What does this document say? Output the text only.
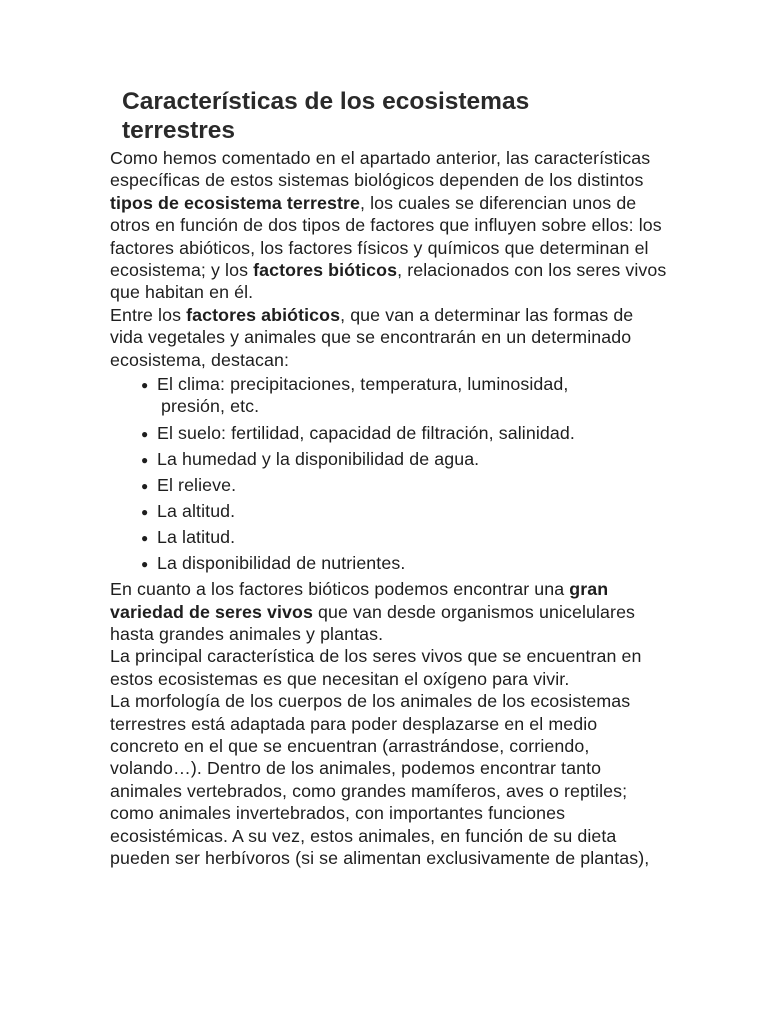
Características de los ecosistemas terrestres

Como hemos comentado en el apartado anterior, las características específicas de estos sistemas biológicos dependen de los distintos tipos de ecosistema terrestre, los cuales se diferencian unos de otros en función de dos tipos de factores que influyen sobre ellos: los factores abióticos, los factores físicos y químicos que determinan el ecosistema; y los factores bióticos, relacionados con los seres vivos que habitan en él.

Entre los factores abióticos, que van a determinar las formas de vida vegetales y animales que se encontrarán en un determinado ecosistema, destacan:

● El clima: precipitaciones, temperatura, luminosidad,
presión, etc.
● El suelo: fertilidad, capacidad de filtración, salinidad.
● La humedad y la disponibilidad de agua.
● El relieve.
● La altitud.
● La latitud.
● La disponibilidad de nutrientes.

En cuanto a los factores bióticos podemos encontrar una gran variedad de seres vivos que van desde organismos unicelulares hasta grandes animales y plantas.

La principal característica de los seres vivos que se encuentran en estos ecosistemas es que necesitan el oxígeno para vivir.

La morfología de los cuerpos de los animales de los ecosistemas terrestres está adaptada para poder desplazarse en el medio concreto en el que se encuentran (arrastrándose, corriendo, volando…). Dentro de los animales, podemos encontrar tanto animales vertebrados, como grandes mamíferos, aves o reptiles; como animales invertebrados, con importantes funciones ecosistémicas. A su vez, estos animales, en función de su dieta pueden ser herbívoros (si se alimentan exclusivamente de plantas),
